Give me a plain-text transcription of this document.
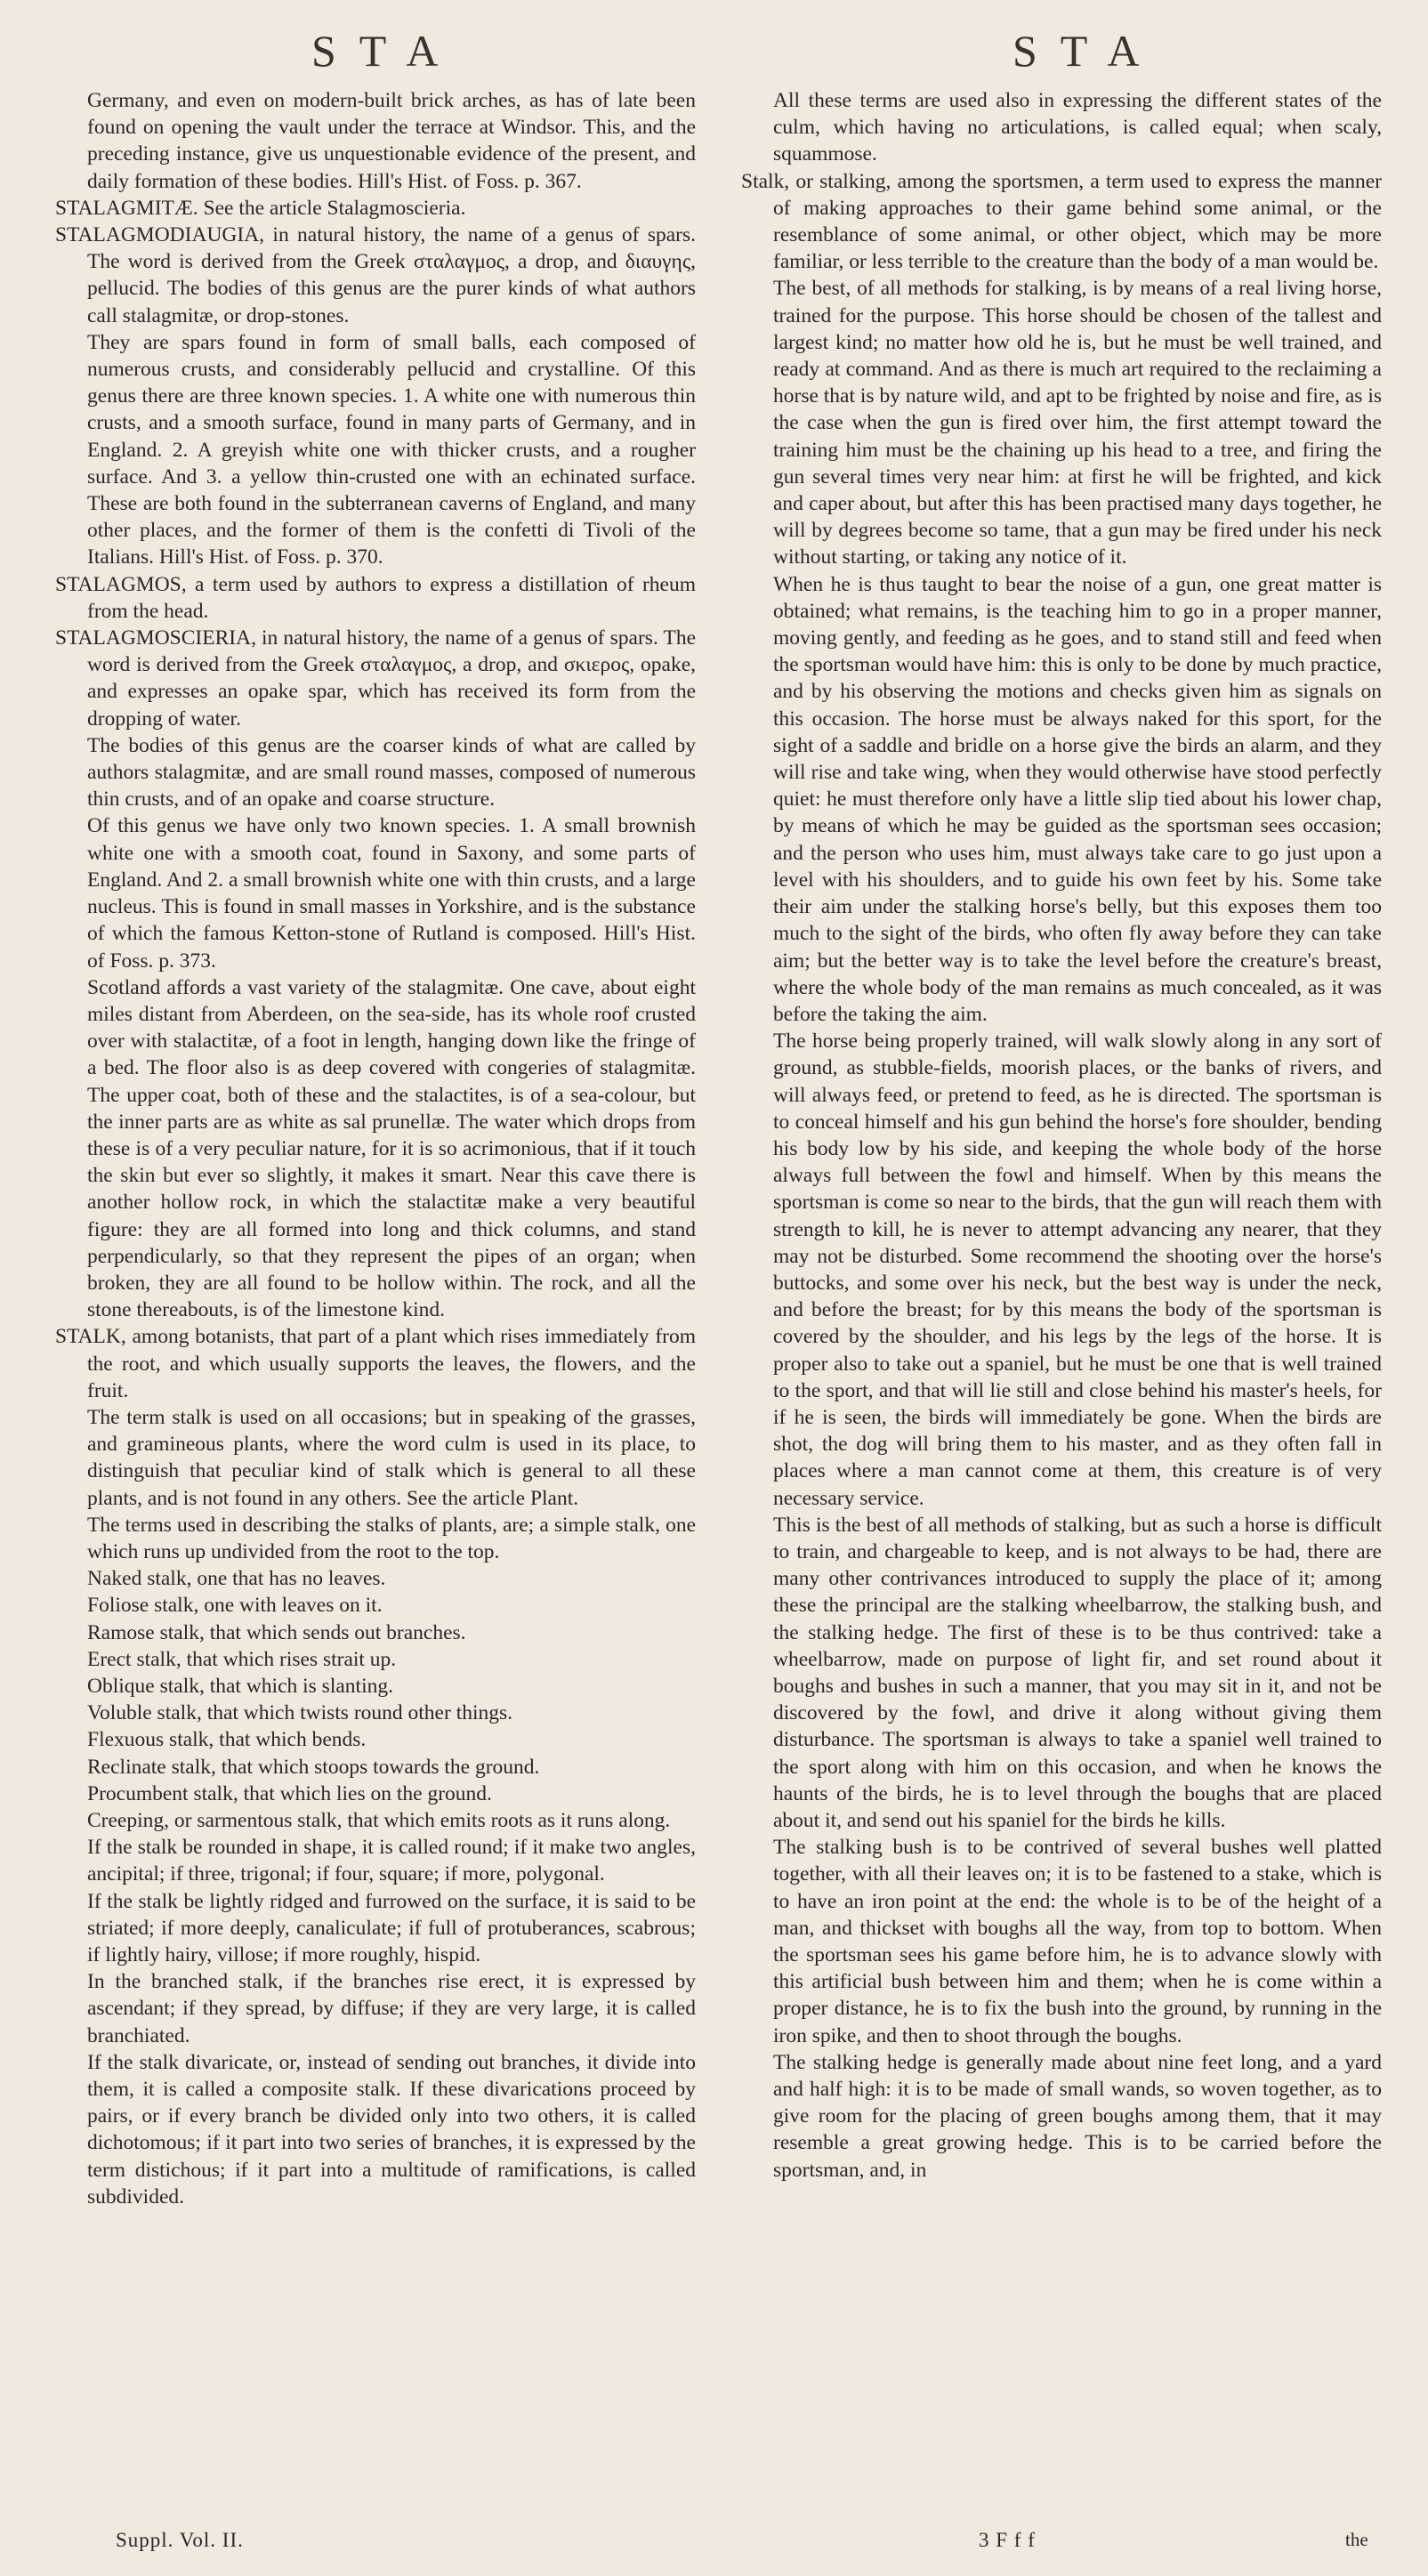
STA	STA

Germany, and even on modern-built brick arches, as has of late been found on opening the vault under the terrace at Windsor. This, and the preceding instance, give us unquestionable evidence of the present, and daily formation of these bodies. Hill's Hist. of Foss. p. 367.

STALAGMITÆ. See the article Stalagmoscieria.

STALAGMODIAUGIA, in natural history, the name of a genus of spars. The word is derived from the Greek σταλαγμος, a drop, and διαυγης, pellucid. The bodies of this genus are the purer kinds of what authors call stalagmitæ, or drop-stones.

They are spars found in form of small balls, each composed of numerous crusts, and considerably pellucid and crystalline. Of this genus there are three known species. 1. A white one with numerous thin crusts, and a smooth surface, found in many parts of Germany, and in England. 2. A greyish white one with thicker crusts, and a rougher surface. And 3. a yellow thin-crusted one with an echinated surface. These are both found in the subterranean caverns of England, and many other places, and the former of them is the confetti di Tivoli of the Italians. Hill's Hist. of Foss. p. 370.

STALAGMOS, a term used by authors to express a distillation of rheum from the head.

STALAGMOSCIERIA, in natural history, the name of a genus of spars. The word is derived from the Greek σταλαγμος, a drop, and σκιερος, opake, and expresses an opake spar, which has received its form from the dropping of water.

The bodies of this genus are the coarser kinds of what are called by authors stalagmitæ, and are small round masses, composed of numerous thin crusts, and of an opake and coarse structure.

Of this genus we have only two known species. 1. A small brownish white one with a smooth coat, found in Saxony, and some parts of England. And 2. a small brownish white one with thin crusts, and a large nucleus. This is found in small masses in Yorkshire, and is the substance of which the famous Ketton-stone of Rutland is composed. Hill's Hist. of Foss. p. 373.

Scotland affords a vast variety of the stalagmitæ. One cave, about eight miles distant from Aberdeen, on the sea-side, has its whole roof crusted over with stalactitæ, of a foot in length, hanging down like the fringe of a bed. The floor also is as deep covered with congeries of stalagmitæ. The upper coat, both of these and the stalactites, is of a sea-colour, but the inner parts are as white as sal prunellæ. The water which drops from these is of a very peculiar nature, for it is so acrimonious, that if it touch the skin but ever so slightly, it makes it smart. Near this cave there is another hollow rock, in which the stalactitæ make a very beautiful figure: they are all formed into long and thick columns, and stand perpendicularly, so that they represent the pipes of an organ; when broken, they are all found to be hollow within. The rock, and all the stone thereabouts, is of the limestone kind.

STALK, among botanists, that part of a plant which rises immediately from the root, and which usually supports the leaves, the flowers, and the fruit.

The term stalk is used on all occasions; but in speaking of the grasses, and gramineous plants, where the word culm is used in its place, to distinguish that peculiar kind of stalk which is general to all these plants, and is not found in any others. See the article Plant.

The terms used in describing the stalks of plants, are; a simple stalk, one which runs up undivided from the root to the top.

Naked stalk, one that has no leaves.

Foliose stalk, one with leaves on it.

Ramose stalk, that which sends out branches.

Erect stalk, that which rises strait up.

Oblique stalk, that which is slanting.

Voluble stalk, that which twists round other things.

Flexuous stalk, that which bends.

Reclinate stalk, that which stoops towards the ground.

Procumbent stalk, that which lies on the ground.

Creeping, or sarmentous stalk, that which emits roots as it runs along.

If the stalk be rounded in shape, it is called round; if it make two angles, ancipital; if three, trigonal; if four, square; if more, polygonal.

If the stalk be lightly ridged and furrowed on the surface, it is said to be striated; if more deeply, canaliculate; if full of protuberances, scabrous; if lightly hairy, villose; if more roughly, hispid.

In the branched stalk, if the branches rise erect, it is expressed by ascendant; if they spread, by diffuse; if they are very large, it is called branchiated.

If the stalk divaricate, or, instead of sending out branches, it divide into them, it is called a composite stalk. If these divarications proceed by pairs, or if every branch be divided only into two others, it is called dichotomous; if it part into two series of branches, it is expressed by the term distichous; if it part into a multitude of ramifications, is called subdivided.

All these terms are used also in expressing the different states of the culm, which having no articulations, is called equal; when scaly, squammose.

Stalk, or stalking, among the sportsmen, a term used to express the manner of making approaches to their game behind some animal, or the resemblance of some animal, or other object, which may be more familiar, or less terrible to the creature than the body of a man would be.

The best, of all methods for stalking, is by means of a real living horse, trained for the purpose. This horse should be chosen of the tallest and largest kind; no matter how old he is, but he must be well trained, and ready at command. And as there is much art required to the reclaiming a horse that is by nature wild, and apt to be frighted by noise and fire, as is the case when the gun is fired over him, the first attempt toward the training him must be the chaining up his head to a tree, and firing the gun several times very near him: at first he will be frighted, and kick and caper about, but after this has been practised many days together, he will by degrees become so tame, that a gun may be fired under his neck without starting, or taking any notice of it.

When he is thus taught to bear the noise of a gun, one great matter is obtained; what remains, is the teaching him to go in a proper manner, moving gently, and feeding as he goes, and to stand still and feed when the sportsman would have him: this is only to be done by much practice, and by his observing the motions and checks given him as signals on this occasion. The horse must be always naked for this sport, for the sight of a saddle and bridle on a horse give the birds an alarm, and they will rise and take wing, when they would otherwise have stood perfectly quiet: he must therefore only have a little slip tied about his lower chap, by means of which he may be guided as the sportsman sees occasion; and the person who uses him, must always take care to go just upon a level with his shoulders, and to guide his own feet by his. Some take their aim under the stalking horse's belly, but this exposes them too much to the sight of the birds, who often fly away before they can take aim; but the better way is to take the level before the creature's breast, where the whole body of the man remains as much concealed, as it was before the taking the aim.

The horse being properly trained, will walk slowly along in any sort of ground, as stubble-fields, moorish places, or the banks of rivers, and will always feed, or pretend to feed, as he is directed. The sportsman is to conceal himself and his gun behind the horse's fore shoulder, bending his body low by his side, and keeping the whole body of the horse always full between the fowl and himself. When by this means the sportsman is come so near to the birds, that the gun will reach them with strength to kill, he is never to attempt advancing any nearer, that they may not be disturbed. Some recommend the shooting over the horse's buttocks, and some over his neck, but the best way is under the neck, and before the breast; for by this means the body of the sportsman is covered by the shoulder, and his legs by the legs of the horse. It is proper also to take out a spaniel, but he must be one that is well trained to the sport, and that will lie still and close behind his master's heels, for if he is seen, the birds will immediately be gone. When the birds are shot, the dog will bring them to his master, and as they often fall in places where a man cannot come at them, this creature is of very necessary service.

This is the best of all methods of stalking, but as such a horse is difficult to train, and chargeable to keep, and is not always to be had, there are many other contrivances introduced to supply the place of it; among these the principal are the stalking wheelbarrow, the stalking bush, and the stalking hedge. The first of these is to be thus contrived: take a wheelbarrow, made on purpose of light fir, and set round about it boughs and bushes in such a manner, that you may sit in it, and not be discovered by the fowl, and drive it along without giving them disturbance. The sportsman is always to take a spaniel well trained to the sport along with him on this occasion, and when he knows the haunts of the birds, he is to level through the boughs that are placed about it, and send out his spaniel for the birds he kills.

The stalking bush is to be contrived of several bushes well platted together, with all their leaves on; it is to be fastened to a stake, which is to have an iron point at the end: the whole is to be of the height of a man, and thickset with boughs all the way, from top to bottom. When the sportsman sees his game before him, he is to advance slowly with this artificial bush between him and them; when he is come within a proper distance, he is to fix the bush into the ground, by running in the iron spike, and then to shoot through the boughs.

The stalking hedge is generally made about nine feet long, and a yard and half high: it is to be made of small wands, so woven together, as to give room for the placing of green boughs among them, that it may resemble a great growing hedge. This is to be carried before the sportsman, and, in

Suppl. Vol. II.	3 F f f	the
